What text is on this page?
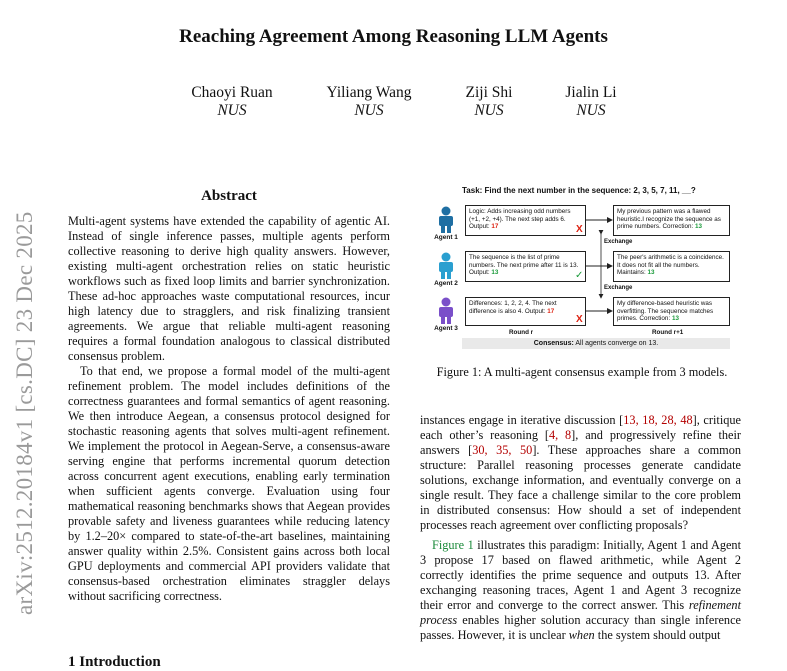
Reaching Agreement Among Reasoning LLM Agents
Chaoyi Ruan
NUS
Yiliang Wang
NUS
Ziji Shi
NUS
Jialin Li
NUS
arXiv:2512.20184v1 [cs.DC] 23 Dec 2025
Abstract

Multi-agent systems have extended the capability of agentic AI. Instead of single inference passes, multiple agents perform collective reasoning to derive high quality answers. However, existing multi-agent orchestration relies on static heuristic workflows such as fixed loop limits and barrier synchronization. These ad-hoc approaches waste computational resources, incur high latency due to stragglers, and risk finalizing transient agreements. We argue that reliable multi-agent reasoning requires a formal foundation analogous to classical distributed consensus problem.

To that end, we propose a formal model of the multi-agent refinement problem. The model includes definitions of the correctness guarantees and formal semantics of agent reasoning. We then introduce Aegean, a consensus protocol designed for stochastic reasoning agents that solves multi-agent refinement. We implement the protocol in Aegean-Serve, a consensus-aware serving engine that performs incremental quorum detection across concurrent agent executions, enabling early termination when sufficient agents converge. Evaluation using four mathematical reasoning benchmarks shows that Aegean provides provable safety and liveness guarantees while reducing latency by 1.2–20× compared to state-of-the-art baselines, maintaining answer quality within 2.5%. Consistent gains across both local GPU deployments and commercial API providers validate that consensus-based orchestration eliminates straggler delays without sacrificing correctness.

1 Introduction
Task: Find the next number in the sequence: 2, 3, 5, 7, 11, __?
Agent 1
Agent 2
Agent 3
Logic: Adds increasing odd numbers (+1, +2, +4). The next step adds 6. Output: 17	X
The sequence is the list of prime numbers. The next prime after 11 is 13. Output: 13	✓
Differences: 1, 2, 2, 4. The next difference is also 4. Output: 17
X
My previous pattern was a flawed heuristic.I recognize the sequence as prime numbers. Correction: 13
The peer's arithmetic is a coincidence. It does not fit all the numbers. Maintains: 13
My difference-based heuristic was overfitting. The sequence matches primes. Correction: 13
Exchange
Exchange
Round r	Round r+1
Consensus: All agents converge on 13.
Figure 1: A multi-agent consensus example from 3 models.

instances engage in iterative discussion [13, 18, 28, 48], critique each other’s reasoning [4, 8], and progressively refine their answers [30, 35, 50]. These approaches share a common structure: Parallel reasoning processes generate candidate solutions, exchange information, and eventually converge on a single result. They face a challenge similar to the core problem in distributed consensus: How should a set of independent processes reach agreement over conflicting proposals?

Figure 1 illustrates this paradigm: Initially, Agent 1 and Agent 3 propose 17 based on flawed arithmetic, while Agent 2 correctly identifies the prime sequence and outputs 13. After exchanging reasoning traces, Agent 1 and Agent 3 recognize their error and converge to the correct answer. This refinement process enables higher solution accuracy than single inference passes. However, it is unclear when the system should output
